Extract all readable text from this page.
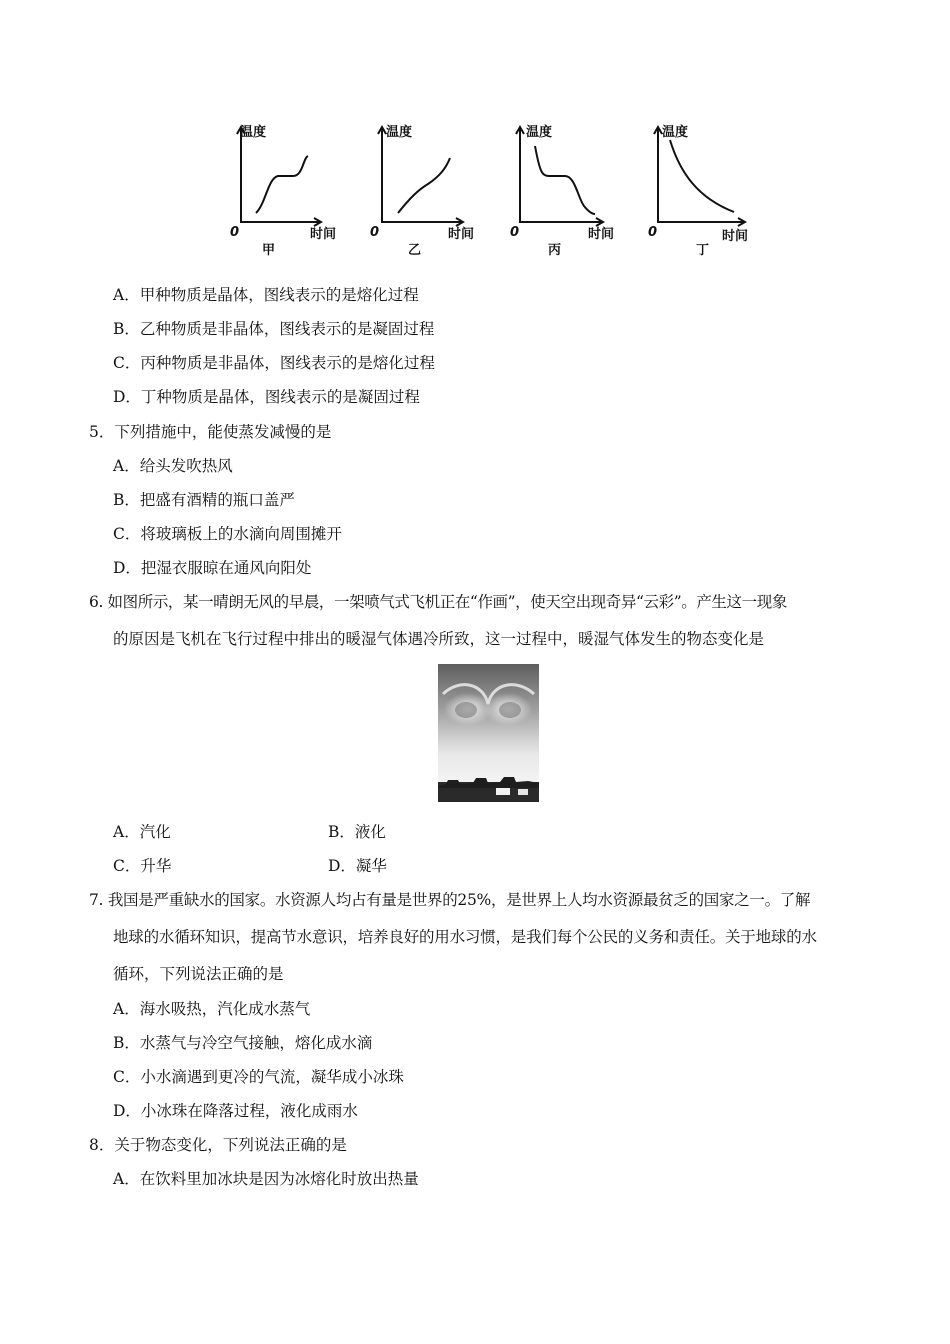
温度
0	时间
甲
温度
0	时间
乙
温度
0	时间
丙
温度
0	时间
丁
A．甲种物质是晶体，图线表示的是熔化过程
B．乙种物质是非晶体，图线表示的是凝固过程
C．丙种物质是非晶体，图线表示的是熔化过程
D．丁种物质是晶体，图线表示的是凝固过程
5．下列措施中，能使蒸发减慢的是
A．给头发吹热风
B．把盛有酒精的瓶口盖严
C．将玻璃板上的水滴向周围摊开
D．把湿衣服晾在通风向阳处
6. 如图所示，某一晴朗无风的早晨，一架喷气式飞机正在“作画”，使天空出现奇异“云彩”。产生这一现象
的原因是飞机在飞行过程中排出的暖湿气体遇冷所致，这一过程中，暖湿气体发生的物态变化是
A．汽化	B．液化
C．升华	D．凝华
7. 我国是严重缺水的国家。水资源人均占有量是世界的25%，是世界上人均水资源最贫乏的国家之一。了解
地球的水循环知识，提高节水意识，培养良好的用水习惯，是我们每个公民的义务和责任。关于地球的水
循环，下列说法正确的是
A．海水吸热，汽化成水蒸气
B．水蒸气与冷空气接触，熔化成水滴
C．小水滴遇到更冷的气流，凝华成小冰珠
D．小冰珠在降落过程，液化成雨水
8．关于物态变化，下列说法正确的是
A．在饮料里加冰块是因为冰熔化时放出热量
